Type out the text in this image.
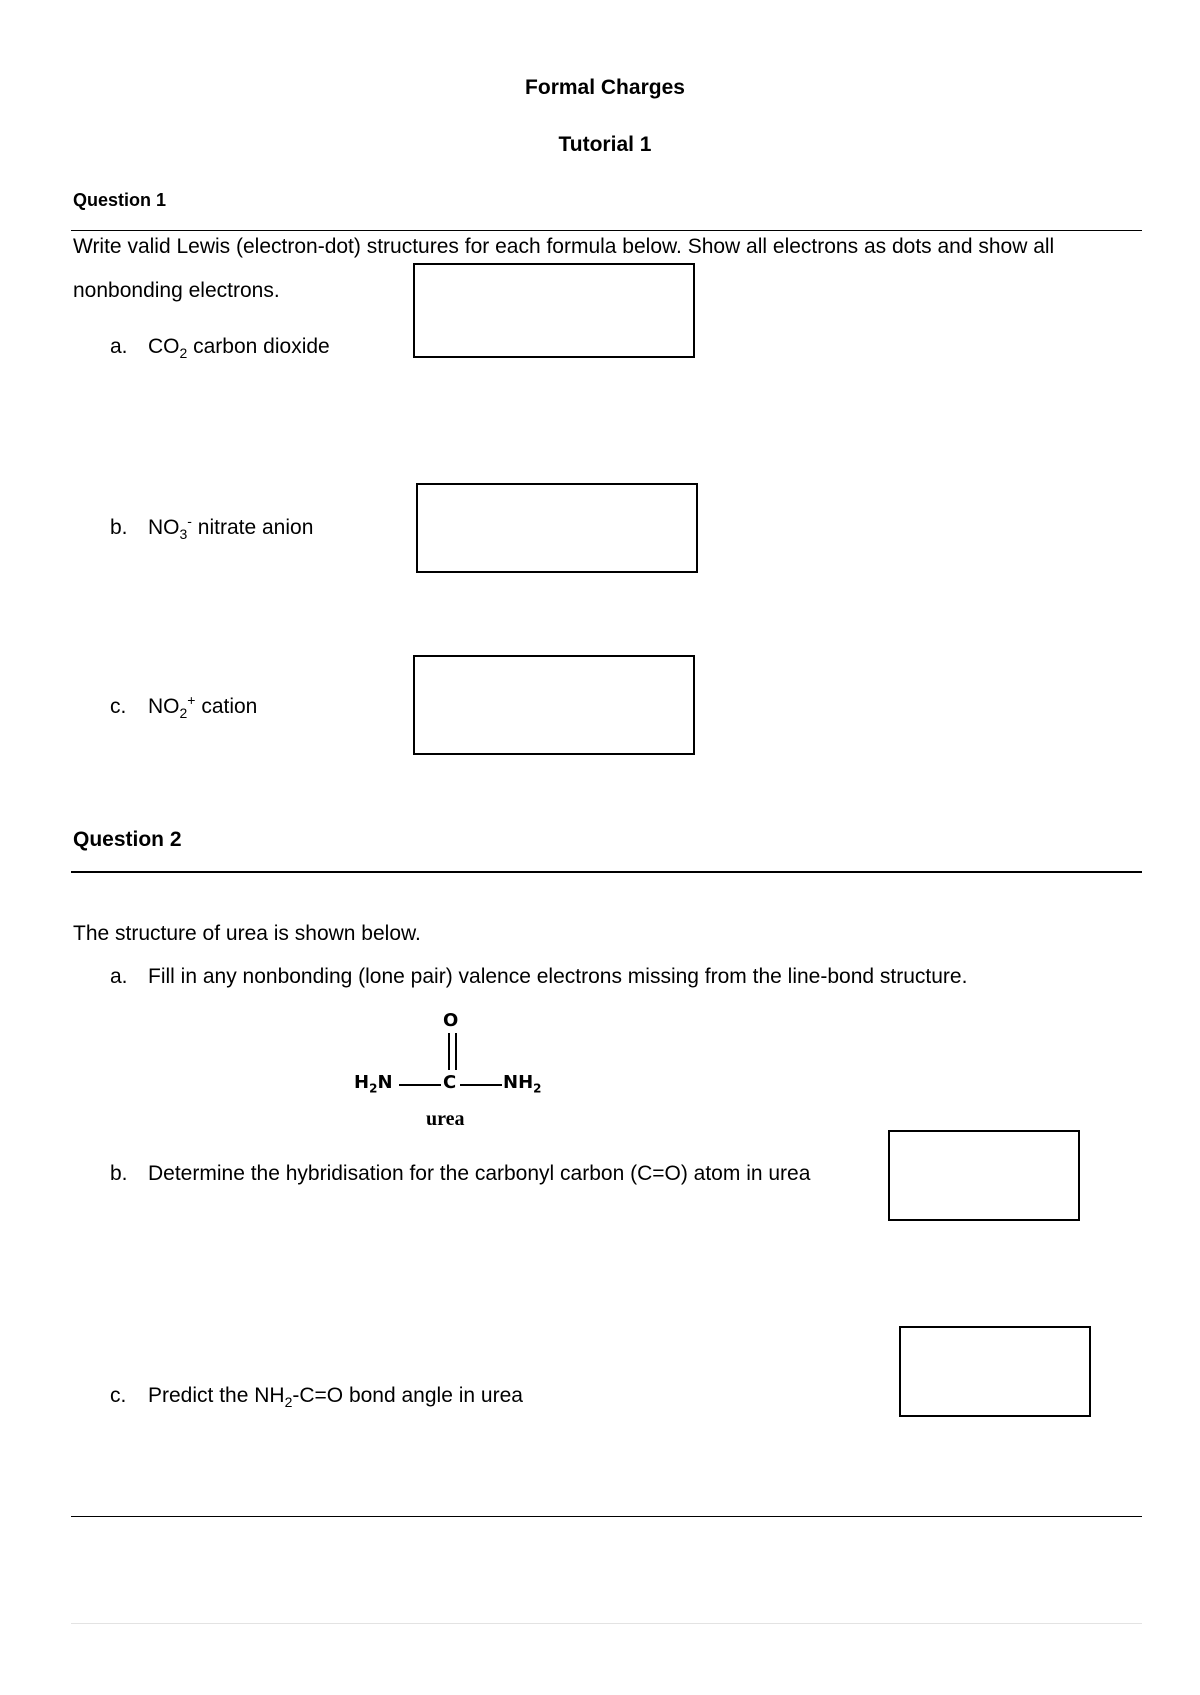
Formal Charges
Tutorial 1
Question 1
Write valid Lewis (electron-dot) structures for each formula below. Show all electrons as dots and show all
nonbonding electrons.
a. $CO_2$ carbon dioxide
b. $NO_3^-$ nitrate anion
c. $NO_2^+$ cation
Question 2
The structure of urea is shown below.
a. Fill in any nonbonding (lone pair) valence electrons missing from the line-bond structure.
O
$H_2N$	C	$NH_2$
urea
b. Determine the hybridisation for the carbonyl carbon (C=O) atom in urea
c. Predict the $NH_2-C=O$ bond angle in urea
